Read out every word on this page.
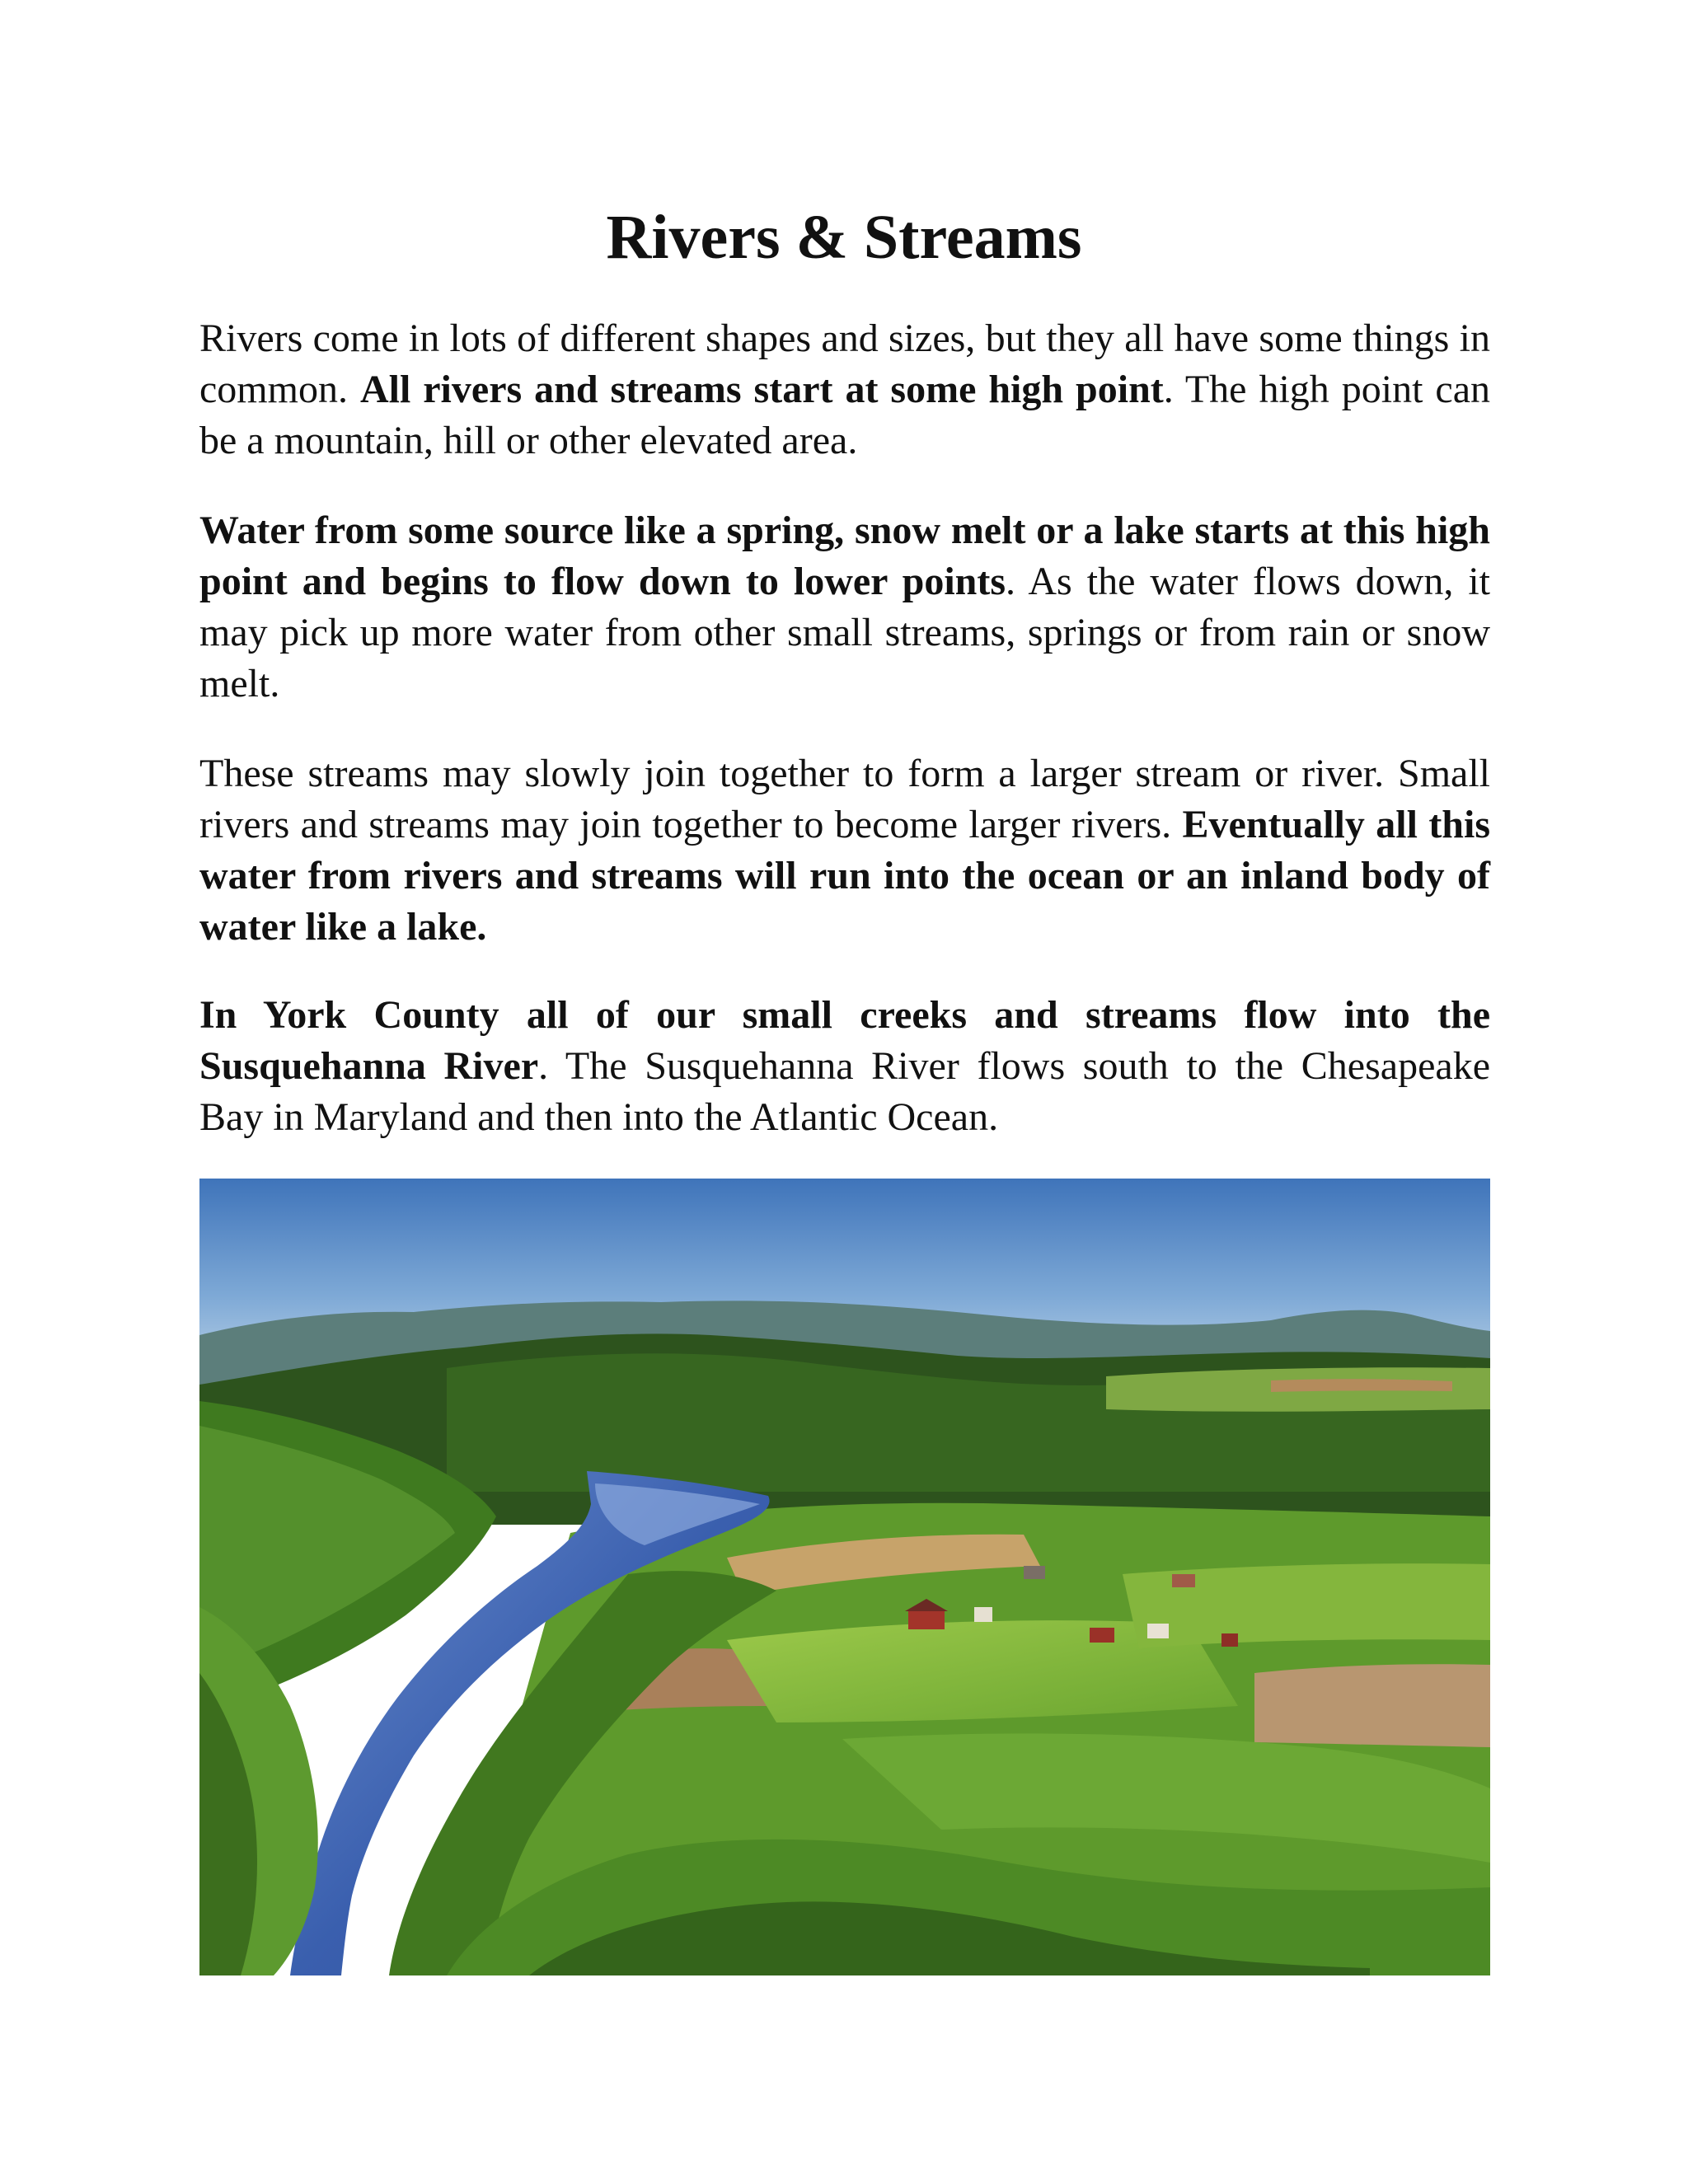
Rivers & Streams

Rivers come in lots of different shapes and sizes, but they all have some things in common. All rivers and streams start at some high point. The high point can be a mountain, hill or other elevated area.

Water from some source like a spring, snow melt or a lake starts at this high point and begins to flow down to lower points. As the water flows down, it may pick up more water from other small streams, springs or from rain or snow melt.

These streams may slowly join together to form a larger stream or river. Small rivers and streams may join together to become larger rivers. Eventually all this water from rivers and streams will run into the ocean or an inland body of water like a lake.

In York County all of our small creeks and streams flow into the Susquehanna River. The Susquehanna River flows south to the Chesapeake Bay in Maryland and then into the Atlantic Ocean.
